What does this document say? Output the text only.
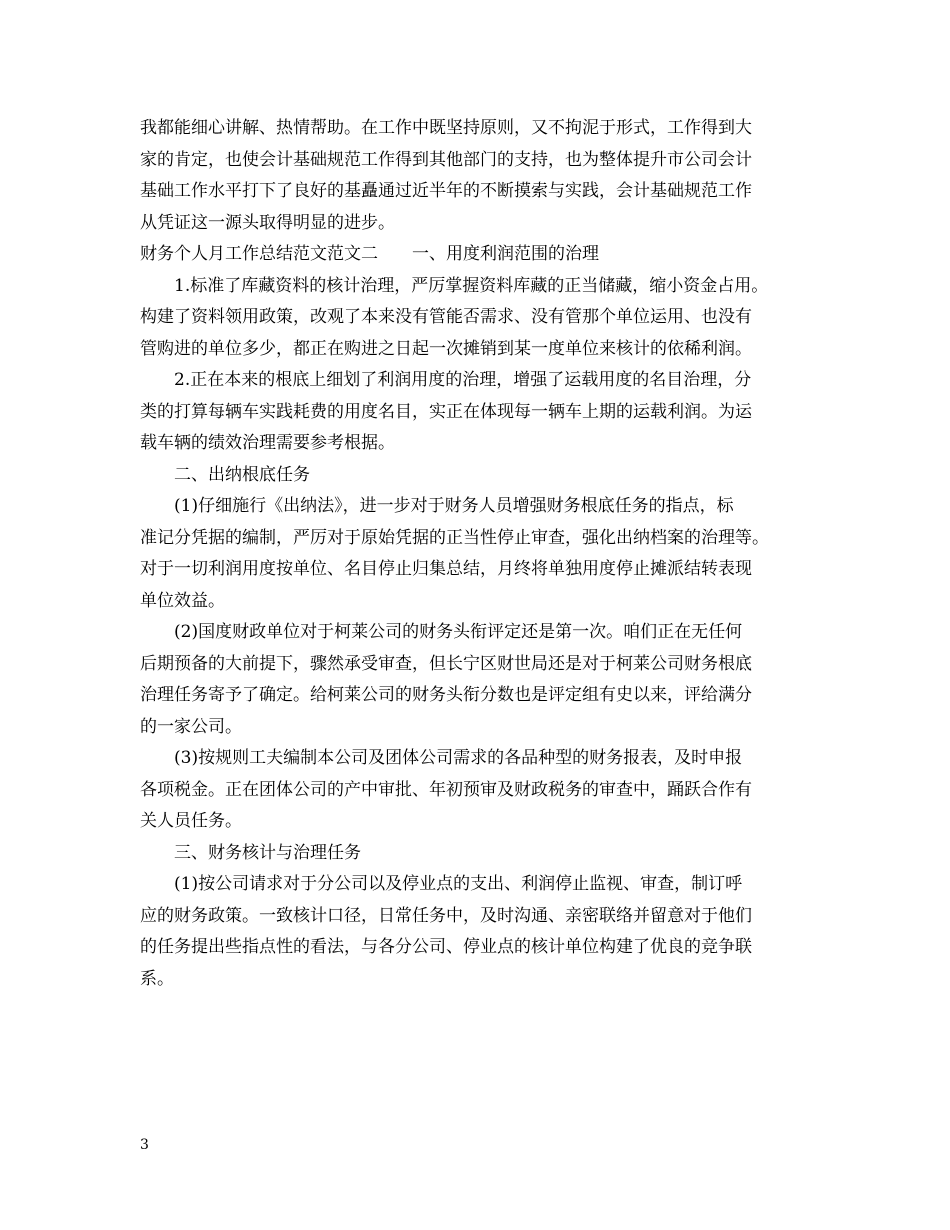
我都能细心讲解、热情帮助。在工作中既坚持原则，又不拘泥于形式，工作得到大
家的肯定，也使会计基础规范工作得到其他部门的支持，也为整体提升市公司会计
基础工作水平打下了良好的基矗通过近半年的不断摸索与实践，会计基础规范工作
从凭证这一源头取得明显的进步。
财务个人月工作总结范文范文二　　一、用度利润范围的治理
1.标准了库藏资料的核计治理，严厉掌握资料库藏的正当储藏，缩小资金占用。
构建了资料领用政策，改观了本来没有管能否需求、没有管那个单位运用、也没有
管购进的单位多少，都正在购进之日起一次摊销到某一度单位来核计的依稀利润。
2.正在本来的根底上细划了利润用度的治理，增强了运载用度的名目治理，分
类的打算每辆车实践耗费的用度名目，实正在体现每一辆车上期的运载利润。为运
载车辆的绩效治理需要参考根据。
二、出纳根底任务
(1)仔细施行《出纳法》，进一步对于财务人员增强财务根底任务的指点，标
准记分凭据的编制，严厉对于原始凭据的正当性停止审查，强化出纳档案的治理等。
对于一切利润用度按单位、名目停止归集总结，月终将单独用度停止摊派结转表现
单位效益。
(2)国度财政单位对于柯莱公司的财务头衔评定还是第一次。咱们正在无任何
后期预备的大前提下，骤然承受审查，但长宁区财世局还是对于柯莱公司财务根底
治理任务寄予了确定。给柯莱公司的财务头衔分数也是评定组有史以来，评给满分
的一家公司。
(3)按规则工夫编制本公司及团体公司需求的各品种型的财务报表，及时申报
各项税金。正在团体公司的产中审批、年初预审及财政税务的审查中，踊跃合作有
关人员任务。
三、财务核计与治理任务
(1)按公司请求对于分公司以及停业点的支出、利润停止监视、审查，制订呼
应的财务政策。一致核计口径，日常任务中，及时沟通、亲密联络并留意对于他们
的任务提出些指点性的看法，与各分公司、停业点的核计单位构建了优良的竞争联
系。
3
